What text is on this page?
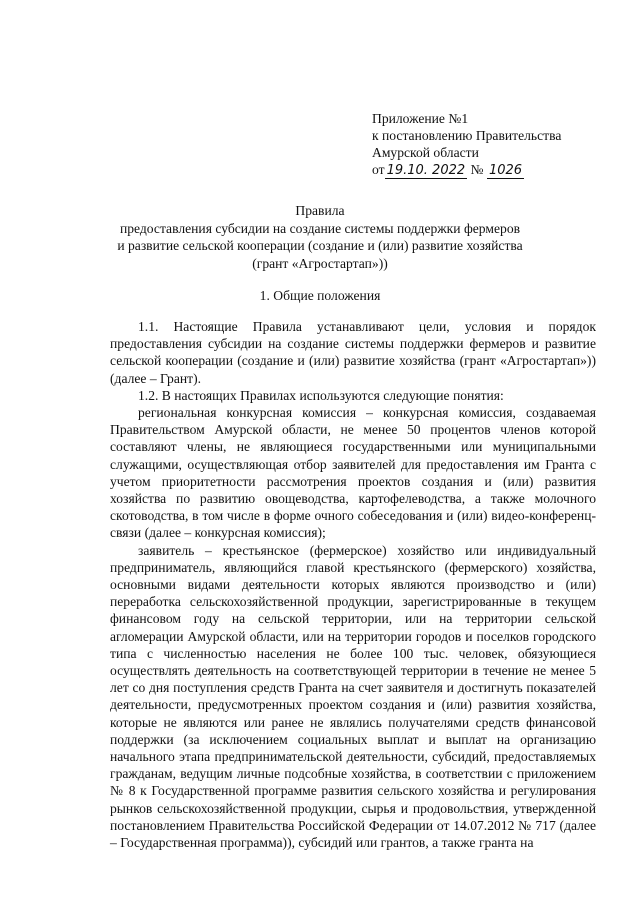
Приложение №1
к постановлению Правительства
Амурской области
от 19.10. 2022 № 1026
Правила
предоставления субсидии на создание системы поддержки фермеров
и развитие сельской кооперации (создание и (или) развитие хозяйства
(грант «Агростартап»))
1. Общие положения

1.1. Настоящие Правила устанавливают цели, условия и порядок предоставления субсидии на создание системы поддержки фермеров и развитие сельской кооперации (создание и (или) развитие хозяйства (грант «Агростартап»)) (далее – Грант).

1.2. В настоящих Правилах используются следующие понятия:

региональная конкурсная комиссия – конкурсная комиссия, создаваемая Правительством Амурской области, не менее 50 процентов членов которой составляют члены, не являющиеся государственными или муниципальными служащими, осуществляющая отбор заявителей для предоставления им Гранта с учетом приоритетности рассмотрения проектов создания и (или) развития хозяйства по развитию овощеводства, картофелеводства, а также молочного скотоводства, в том числе в форме очного собеседования и (или) видео-конференц-связи (далее – конкурсная комиссия);

заявитель – крестьянское (фермерское) хозяйство или индивидуальный предприниматель, являющийся главой крестьянского (фермерского) хозяйства, основными видами деятельности которых являются производство и (или) переработка сельскохозяйственной продукции, зарегистрированные в текущем финансовом году на сельской территории, или на территории сельской агломерации Амурской области, или на территории городов и поселков городского типа с численностью населения не более 100 тыс. человек, обязующиеся осуществлять деятельность на соответствующей территории в течение не менее 5 лет со дня поступления средств Гранта на счет заявителя и достигнуть показателей деятельности, предусмотренных проектом создания и (или) развития хозяйства, которые не являются или ранее не являлись получателями средств финансовой поддержки (за исключением социальных выплат и выплат на организацию начального этапа предпринимательской деятельности, субсидий, предоставляемых гражданам, ведущим личные подсобные хозяйства, в соответствии с приложением № 8 к Государственной программе развития сельского хозяйства и регулирования рынков сельскохозяйственной продукции, сырья и продовольствия, утвержденной постановлением Правительства Российской Федерации от 14.07.2012 № 717 (далее – Государственная программа)), субсидий или грантов, а также гранта на
